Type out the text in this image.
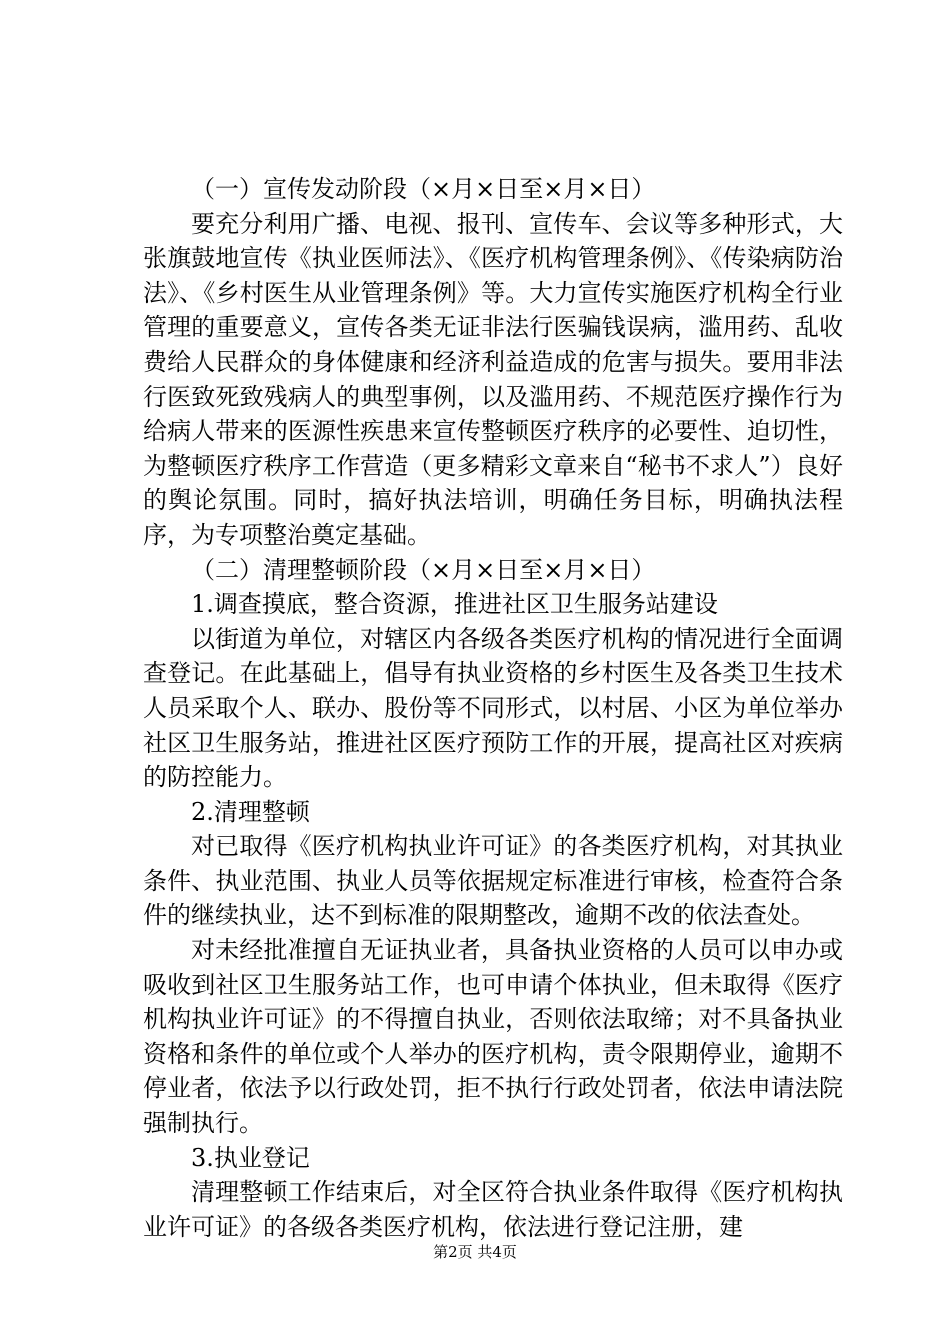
（一）宣传发动阶段（×月×日至×月×日）

要充分利用广播、电视、报刊、宣传车、会议等多种形式，大张旗鼓地宣传《执业医师法》、《医疗机构管理条例》、《传染病防治法》、《乡村医生从业管理条例》等。大力宣传实施医疗机构全行业管理的重要意义，宣传各类无证非法行医骗钱误病，滥用药、乱收费给人民群众的身体健康和经济利益造成的危害与损失。要用非法行医致死致残病人的典型事例，以及滥用药、不规范医疗操作行为给病人带来的医源性疾患来宣传整顿医疗秩序的必要性、迫切性，为整顿医疗秩序工作营造（更多精彩文章来自“秘书不求人”）良好的舆论氛围。同时，搞好执法培训，明确任务目标，明确执法程序，为专项整治奠定基础。

（二）清理整顿阶段（×月×日至×月×日）

1.调查摸底，整合资源，推进社区卫生服务站建设

以街道为单位，对辖区内各级各类医疗机构的情况进行全面调查登记。在此基础上，倡导有执业资格的乡村医生及各类卫生技术人员采取个人、联办、股份等不同形式，以村居、小区为单位举办社区卫生服务站，推进社区医疗预防工作的开展，提高社区对疾病的防控能力。

2.清理整顿

对已取得《医疗机构执业许可证》的各类医疗机构，对其执业条件、执业范围、执业人员等依据规定标准进行审核，检查符合条件的继续执业，达不到标准的限期整改，逾期不改的依法查处。

对未经批准擅自无证执业者，具备执业资格的人员可以申办或吸收到社区卫生服务站工作，也可申请个体执业，但未取得《医疗机构执业许可证》的不得擅自执业，否则依法取缔；对不具备执业资格和条件的单位或个人举办的医疗机构，责令限期停业，逾期不停业者，依法予以行政处罚，拒不执行行政处罚者，依法申请法院强制执行。

3.执业登记

清理整顿工作结束后，对全区符合执业条件取得《医疗机构执业许可证》的各级各类医疗机构，依法进行登记注册，建

第2页 共4页
